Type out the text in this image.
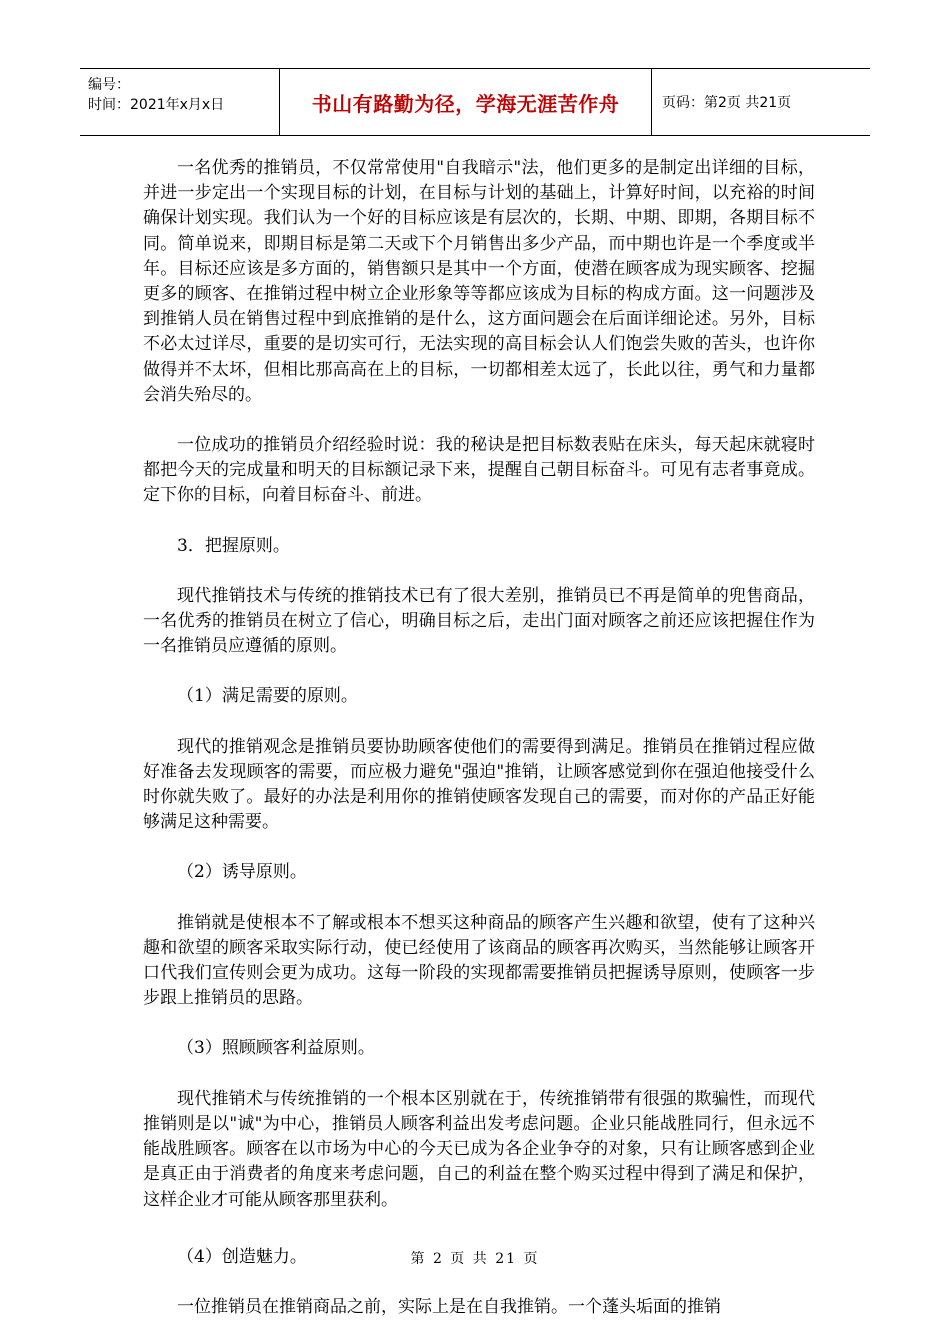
编号：
时间：2021年x月x日	书山有路勤为径，学海无涯苦作舟	页码：第2页 共21页

一名优秀的推销员，不仅常常使用"自我暗示"法，他们更多的是制定出详细的目标，并进一步定出一个实现目标的计划，在目标与计划的基础上，计算好时间，以充裕的时间确保计划实现。我们认为一个好的目标应该是有层次的，长期、中期、即期，各期目标不同。简单说来，即期目标是第二天或下个月销售出多少产品，而中期也许是一个季度或半年。目标还应该是多方面的，销售额只是其中一个方面，使潜在顾客成为现实顾客、挖掘更多的顾客、在推销过程中树立企业形象等等都应该成为目标的构成方面。这一问题涉及到推销人员在销售过程中到底推销的是什么，这方面问题会在后面详细论述。另外，目标不必太过详尽，重要的是切实可行，无法实现的高目标会认人们饱尝失败的苦头，也许你做得并不太坏，但相比那高高在上的目标，一切都相差太远了，长此以往，勇气和力量都会消失殆尽的。

一位成功的推销员介绍经验时说：我的秘诀是把目标数表贴在床头，每天起床就寝时都把今天的完成量和明天的目标额记录下来，提醒自己朝目标奋斗。可见有志者事竟成。定下你的目标，向着目标奋斗、前进。

3．把握原则。

现代推销技术与传统的推销技术已有了很大差别，推销员已不再是简单的兜售商品，一名优秀的推销员在树立了信心，明确目标之后，走出门面对顾客之前还应该把握住作为一名推销员应遵循的原则。

（1）满足需要的原则。

现代的推销观念是推销员要协助顾客使他们的需要得到满足。推销员在推销过程应做好准备去发现顾客的需要，而应极力避免"强迫"推销，让顾客感觉到你在强迫他接受什么时你就失败了。最好的办法是利用你的推销使顾客发现自己的需要，而对你的产品正好能够满足这种需要。

（2）诱导原则。

推销就是使根本不了解或根本不想买这种商品的顾客产生兴趣和欲望，使有了这种兴趣和欲望的顾客采取实际行动，使已经使用了该商品的顾客再次购买，当然能够让顾客开口代我们宣传则会更为成功。这每一阶段的实现都需要推销员把握诱导原则，使顾客一步步跟上推销员的思路。

（3）照顾顾客利益原则。

现代推销术与传统推销的一个根本区别就在于，传统推销带有很强的欺骗性，而现代推销则是以"诚"为中心，推销员人顾客利益出发考虑问题。企业只能战胜同行，但永远不能战胜顾客。顾客在以市场为中心的今天已成为各企业争夺的对象，只有让顾客感到企业是真正由于消费者的角度来考虑问题，自己的利益在整个购买过程中得到了满足和保护，这样企业才可能从顾客那里获利。

（4）创造魅力。

一位推销员在推销商品之前，实际上是在自我推销。一个蓬头垢面的推销

第 2 页 共 21 页
